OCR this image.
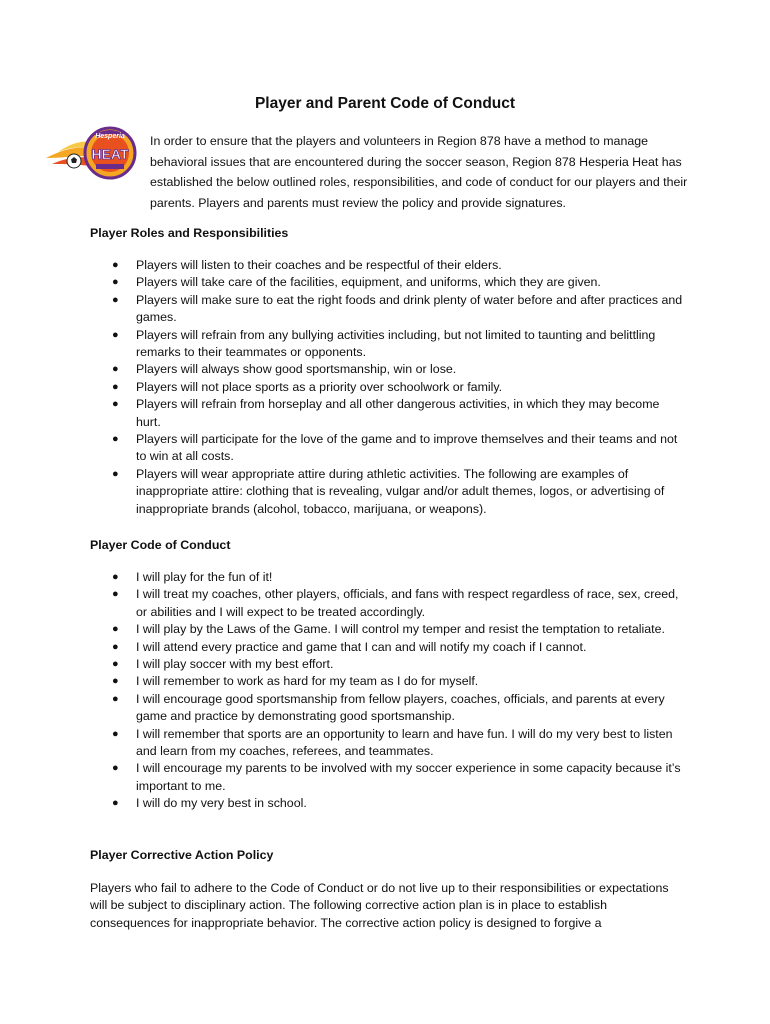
Player and Parent Code of Conduct
Hesperia
HEAT

In order to ensure that the players and volunteers in Region 878 have a method to manage behavioral issues that are encountered during the soccer season, Region 878 Hesperia Heat has established the below outlined roles, responsibilities, and code of conduct for our players and their parents. Players and parents must review the policy and provide signatures.

Player Roles and Responsibilities
● Players will listen to their coaches and be respectful of their elders.
● Players will take care of the facilities, equipment, and uniforms, which they are given.
● Players will make sure to eat the right foods and drink plenty of water before and after practices and games.
● Players will refrain from any bullying activities including, but not limited to taunting and belittling remarks to their teammates or opponents.
● Players will always show good sportsmanship, win or lose.
● Players will not place sports as a priority over schoolwork or family.
● Players will refrain from horseplay and all other dangerous activities, in which they may become hurt.
● Players will participate for the love of the game and to improve themselves and their teams and not to win at all costs.
● Players will wear appropriate attire during athletic activities. The following are examples of inappropriate attire: clothing that is revealing, vulgar and/or adult themes, logos, or advertising of inappropriate brands (alcohol, tobacco, marijuana, or weapons).
Player Code of Conduct
● I will play for the fun of it!
● I will treat my coaches, other players, officials, and fans with respect regardless of race, sex, creed, or abilities and I will expect to be treated accordingly.
● I will play by the Laws of the Game. I will control my temper and resist the temptation to retaliate.
● I will attend every practice and game that I can and will notify my coach if I cannot.
● I will play soccer with my best effort.
● I will remember to work as hard for my team as I do for myself.
● I will encourage good sportsmanship from fellow players, coaches, officials, and parents at every game and practice by demonstrating good sportsmanship.
● I will remember that sports are an opportunity to learn and have fun. I will do my very best to listen and learn from my coaches, referees, and teammates.
● I will encourage my parents to be involved with my soccer experience in some capacity because it’s important to me.
● I will do my very best in school.
Player Corrective Action Policy

Players who fail to adhere to the Code of Conduct or do not live up to their responsibilities or expectations will be subject to disciplinary action. The following corrective action plan is in place to establish consequences for inappropriate behavior. The corrective action policy is designed to forgive a
